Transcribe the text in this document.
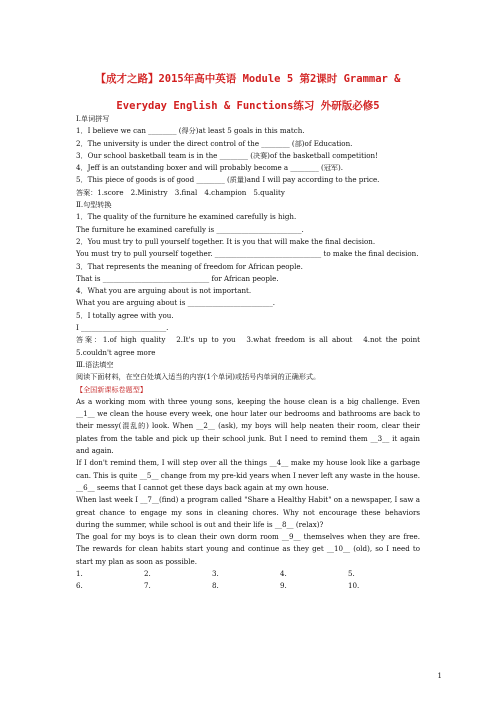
【成才之路】2015年高中英语 Module 5 第2课时 Grammar &
Everyday English & Functions练习 外研版必修5

Ⅰ.单词拼写

1．I believe we can ________ (得分)at least 5 goals in this match.

2．The university is under the direct control of the ________ (部)of Education.

3．Our school basketball team is in the ________ (决赛)of the basketball competition!

4．Jeff is an outstanding boxer and will probably become a ________ (冠军).

5．This piece of goods is of good ________ (质量)and I will pay according to the price.

答案：1.score　2.Ministry　3.final　4.champion　5.quality

Ⅱ.句型转换

1．The quality of the furniture he examined carefully is high.

The furniture he examined carefully is ________________________.

2．You must try to pull yourself together. It is you that will make the final decision.

You must try to pull yourself together. ______________________________ to make the final decision.

3．That represents the meaning of freedom for African people.

That is ______________________________ for African people.

4．What you are arguing about is not important.

What you are arguing about is ________________________.

5．I totally agree with you.

I ________________________.

答案：1.of high quality　2.It's up to you　3.what freedom is all about　4.not the point　5.couldn't agree more

Ⅲ.语法填空

阅读下面材料，在空白处填入适当的内容(1个单词)或括号内单词的正确形式。

【全国新课标卷题型】

As a working mom with three young sons, keeping the house clean is a big challenge. Even __1__ we clean the house every week, one hour later our bedrooms and bathrooms are back to their messy(混乱的) look. When __2__ (ask), my boys will help neaten their room, clear their plates from the table and pick up their school junk. But I need to remind them __3__ it again and again.

If I don't remind them, I will step over all the things __4__ make my house look like a garbage can. This is quite __5__ change from my pre-kid years when I never left any waste in the house. __6__ seems that I cannot get these days back again at my own house.

When last week I __7__(find) a program called "Share a Healthy Habit" on a newspaper, I saw a great chance to engage my sons in cleaning chores. Why not encourage these behaviors during the summer, while school is out and their life is __8__ (relax)?

The goal for my boys is to clean their own dorm room __9__ themselves when they are free. The rewards for clean habits start young and continue as they get __10__ (old), so I need to start my plan as soon as possible.

1.	2.	3.	4.	5.

6.	7.	8.	9.	10.

1
